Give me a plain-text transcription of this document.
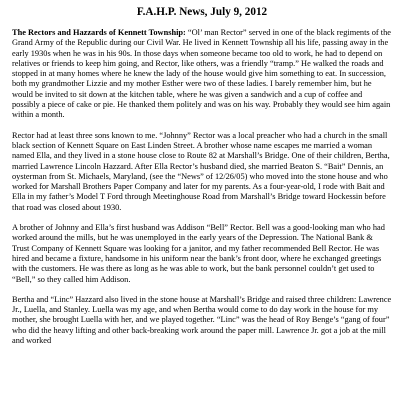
F.A.H.P. News, July 9, 2012

The Rectors and Hazzards of Kennett Township: “Ol’ man Rector” served in one of the black regiments of the Grand Army of the Republic during our Civil War. He lived in Kennett Township all his life, passing away in the early 1930s when he was in his 90s. In those days when someone became too old to work, he had to depend on relatives or friends to keep him going, and Rector, like others, was a friendly “tramp.” He walked the roads and stopped in at many homes where he knew the lady of the house would give him something to eat. In succession, both my grandmother Lizzie and my mother Esther were two of these ladies. I barely remember him, but he would be invited to sit down at the kitchen table, where he was given a sandwich and a cup of coffee and possibly a piece of cake or pie. He thanked them politely and was on his way. Probably they would see him again within a month.

Rector had at least three sons known to me. “Johnny” Rector was a local preacher who had a church in the small black section of Kennett Square on East Linden Street. A brother whose name escapes me married a woman named Ella, and they lived in a stone house close to Route 82 at Marshall’s Bridge. One of their children, Bertha, married Lawrence Lincoln Hazzard. After Ella Rector’s husband died, she married Beaton S. “Bait” Dennis, an oysterman from St. Michaels, Maryland, (see the “News” of 12/26/05) who moved into the stone house and who worked for Marshall Brothers Paper Company and later for my parents. As a four-year-old, I rode with Bait and Ella in my father’s Model T Ford through Meetinghouse Road from Marshall’s Bridge toward Hockessin before that road was closed about 1930.

A brother of Johnny and Ella’s first husband was Addison “Bell” Rector. Bell was a good-looking man who had worked around the mills, but he was unemployed in the early years of the Depression. The National Bank & Trust Company of Kennett Square was looking for a janitor, and my father recommended Bell Rector. He was hired and became a fixture, handsome in his uniform near the bank’s front door, where he exchanged greetings with the customers. He was there as long as he was able to work, but the bank personnel couldn’t get used to “Bell,” so they called him Addison.

Bertha and “Linc” Hazzard also lived in the stone house at Marshall’s Bridge and raised three children: Lawrence Jr., Luella, and Stanley. Luella was my age, and when Bertha would come to do day work in the house for my mother, she brought Luella with her, and we played together. “Linc” was the head of Roy Benge’s “gang of four” who did the heavy lifting and other back-breaking work around the paper mill. Lawrence Jr. got a job at the mill and worked
